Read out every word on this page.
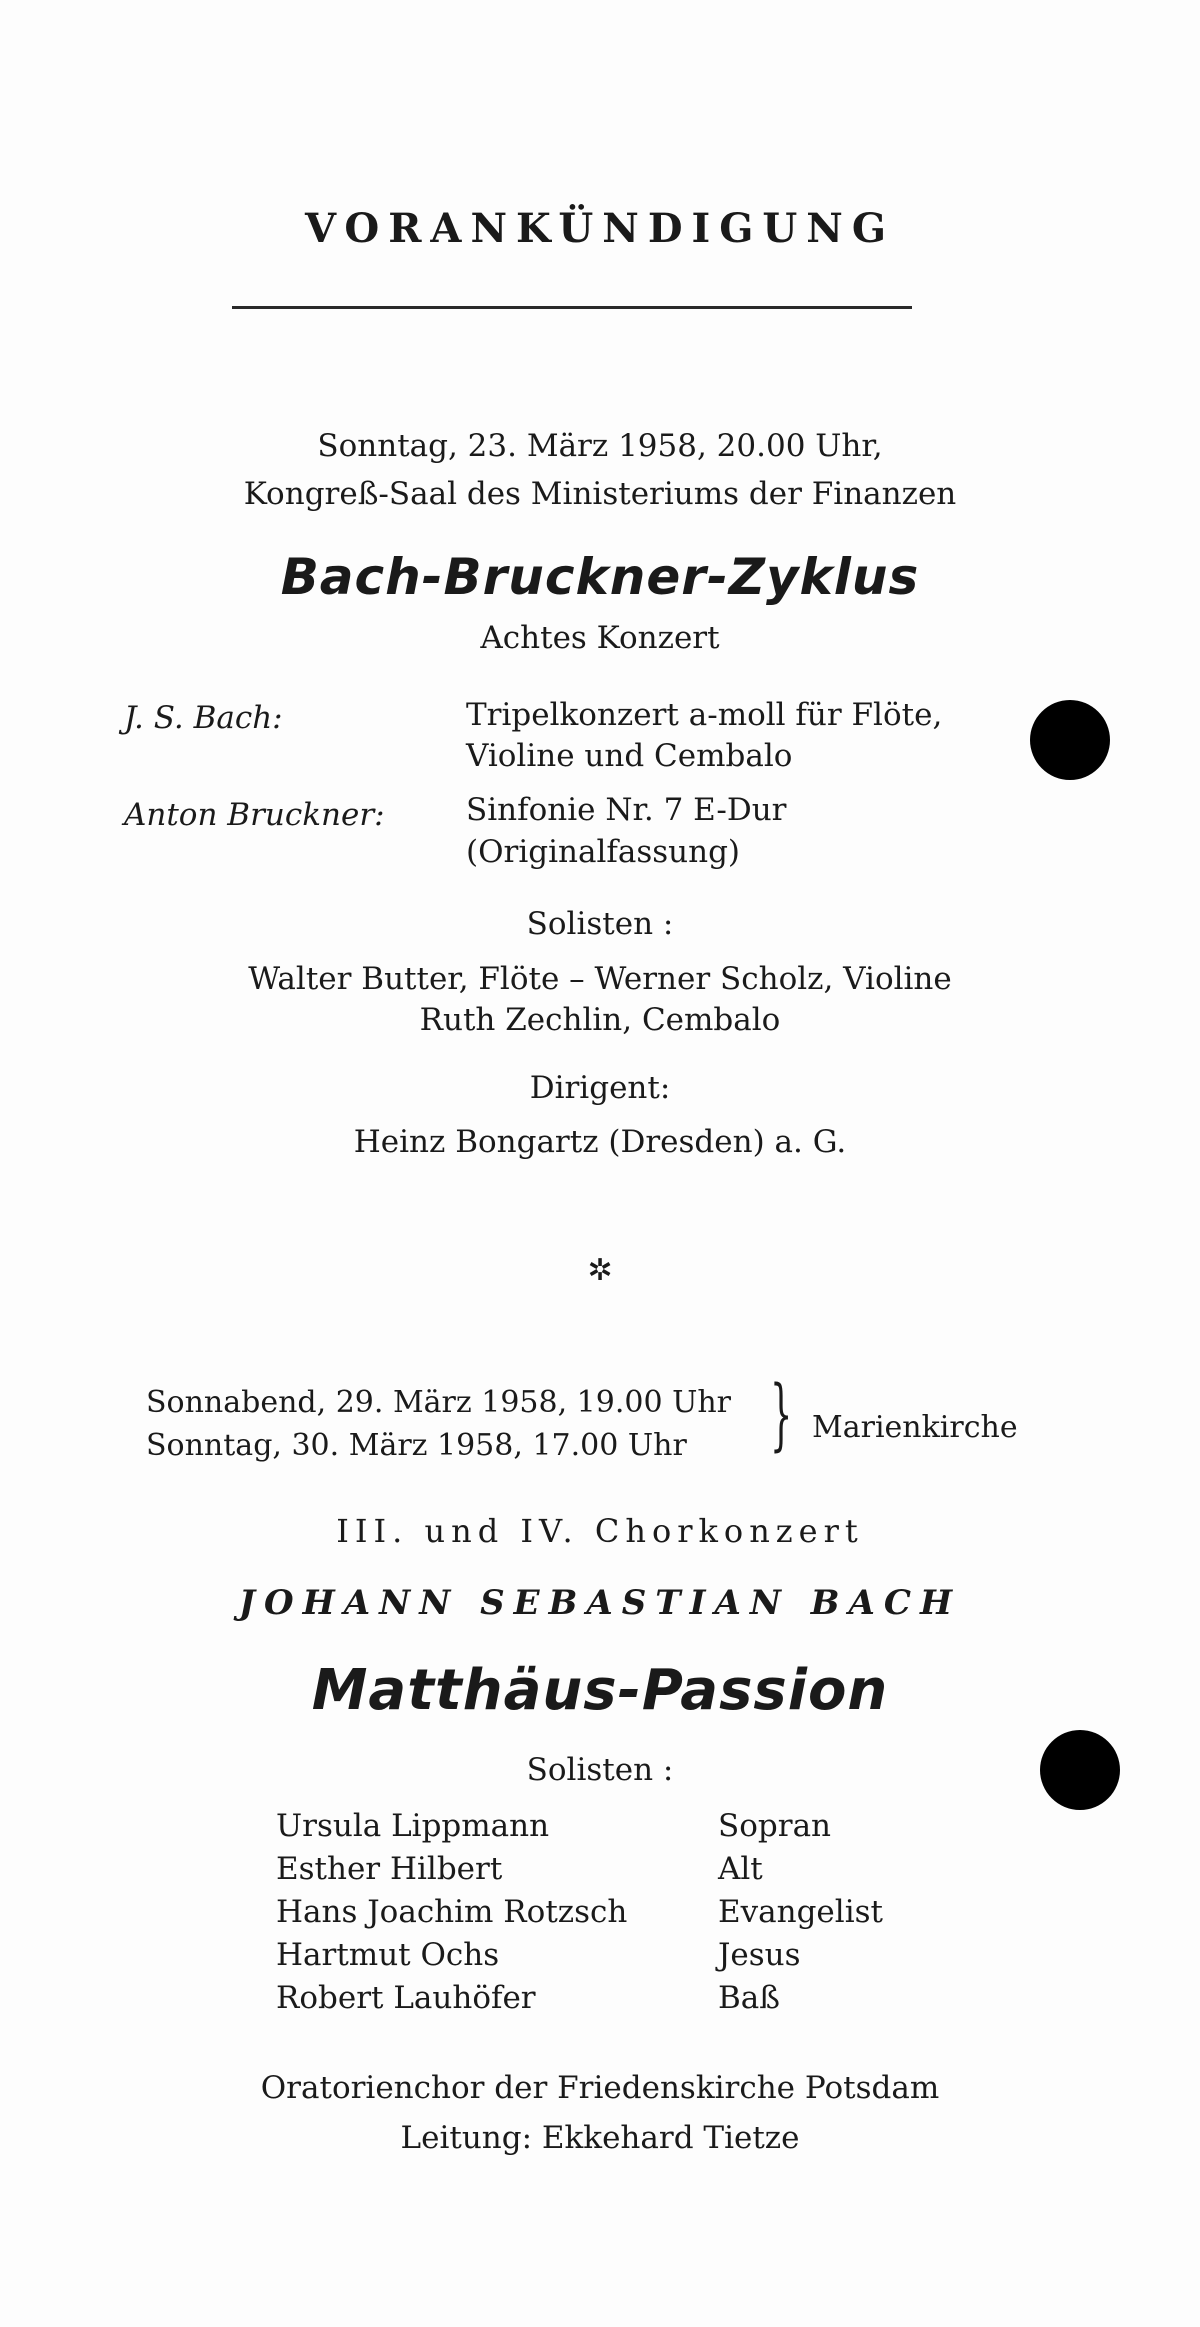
VORANKÜNDIGUNG
Sonntag, 23. März 1958, 20.00 Uhr,
Kongreß-Saal des Ministeriums der Finanzen
Bach-Bruckner-Zyklus
Achtes Konzert
J. S. Bach:	Tripelkonzert a-moll für Flöte,
Violine und Cembalo
Anton Bruckner:	Sinfonie Nr. 7 E-Dur
(Originalfassung)
Solisten :
Walter Butter, Flöte – Werner Scholz, Violine
Ruth Zechlin, Cembalo
Dirigent:
Heinz Bongartz (Dresden) a. G.
✲
Sonnabend, 29. März 1958, 19.00 Uhr
Sonntag, 30. März 1958, 17.00 Uhr } Marienkirche
III. und IV. Chorkonzert
JOHANN SEBASTIAN BACH
Matthäus-Passion
Solisten :
Ursula Lippmann	Sopran
Esther Hilbert	Alt
Hans Joachim Rotzsch	Evangelist
Hartmut Ochs	Jesus
Robert Lauhöfer	Baß
Oratorienchor der Friedenskirche Potsdam
Leitung: Ekkehard Tietze
